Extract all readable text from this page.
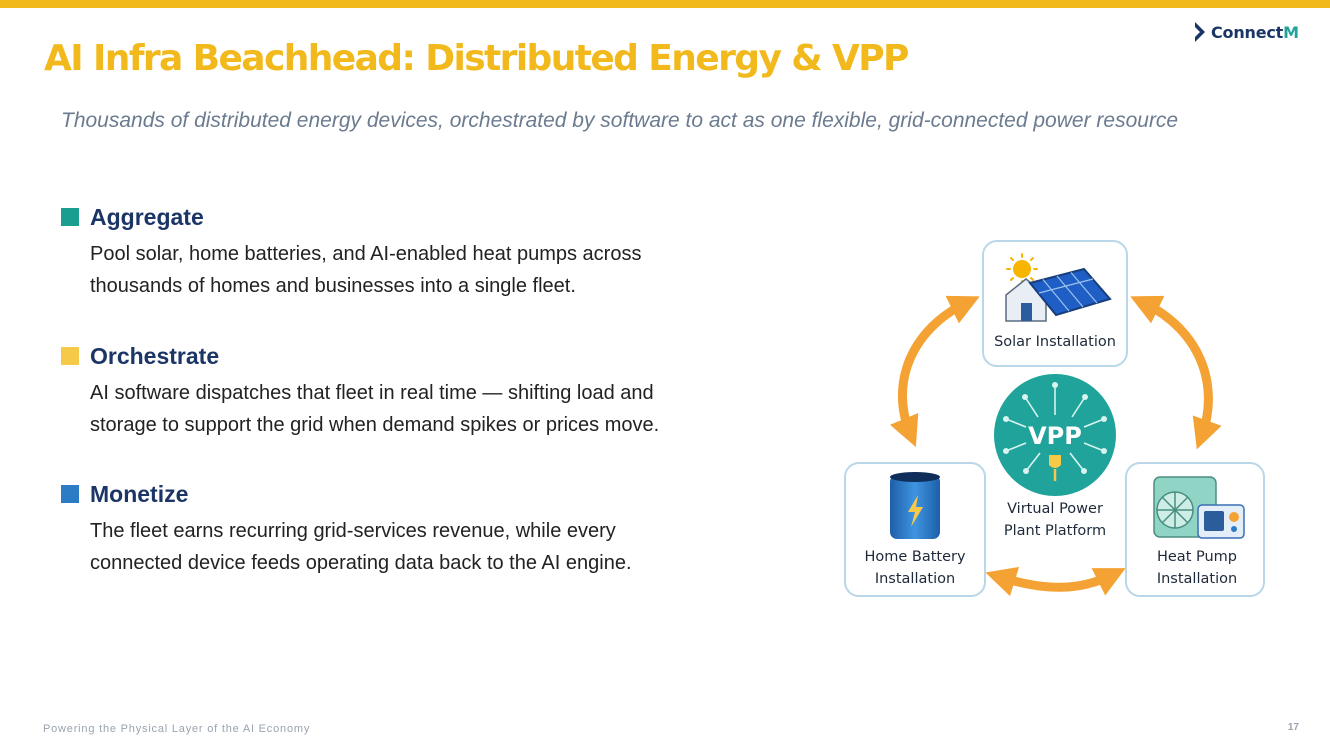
ConnectM
AI Infra Beachhead: Distributed Energy & VPP

Thousands of distributed energy devices, orchestrated by software to act as one flexible, grid-connected power resource

Aggregate
Pool solar, home batteries, and AI-enabled heat pumps across
thousands of homes and businesses into a single fleet.
Orchestrate
AI software dispatches that fleet in real time — shifting load and
storage to support the grid when demand spikes or prices move.
Monetize
The fleet earns recurring grid-services revenue, while every
connected device feeds operating data back to the AI engine.
Solar Installation
VPP
Virtual Power
Plant Platform
Home Battery
Installation
Heat Pump
Installation
Powering the Physical Layer of the AI Economy	17
